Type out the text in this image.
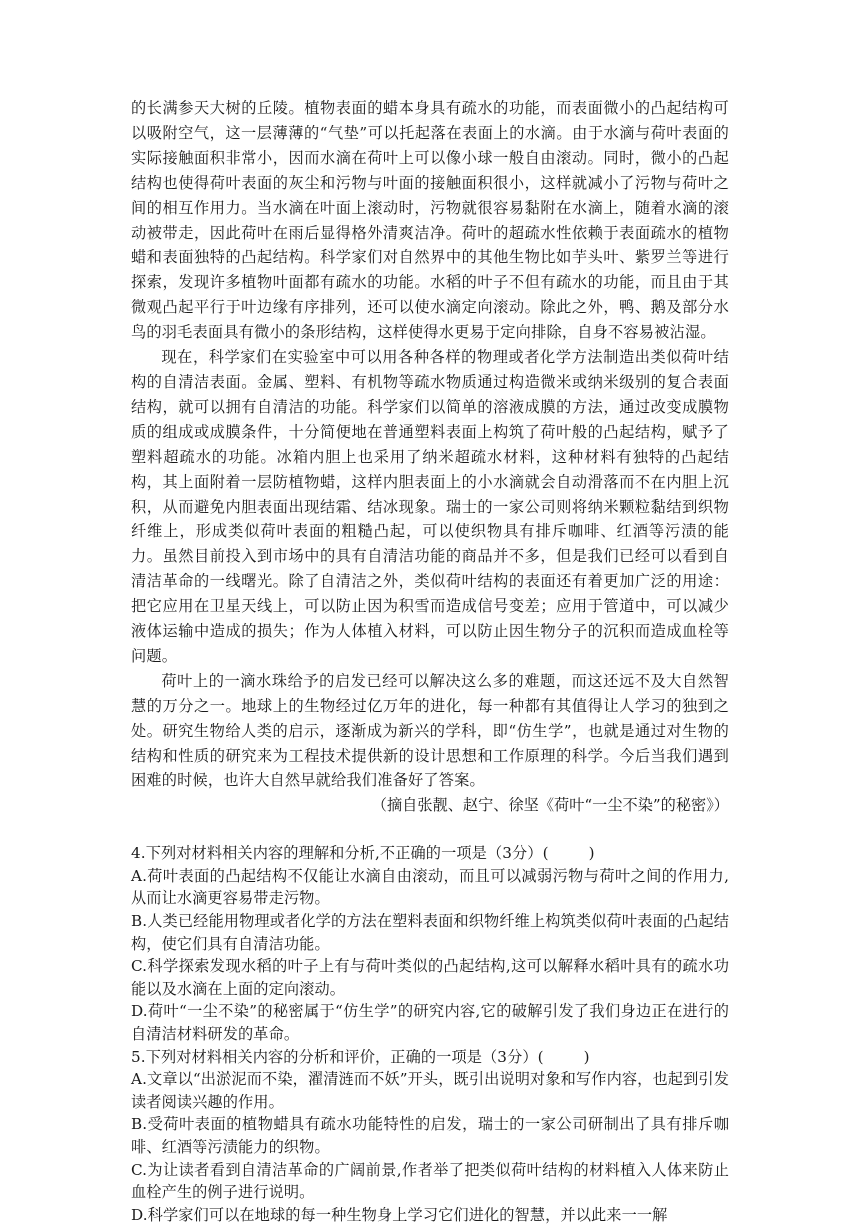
的长满参天大树的丘陵。植物表面的蜡本身具有疏水的功能，而表面微小的凸起结构可以吸附空气，这一层薄薄的“气垫”可以托起落在表面上的水滴。由于水滴与荷叶表面的实际接触面积非常小，因而水滴在荷叶上可以像小球一般自由滚动。同时，微小的凸起结构也使得荷叶表面的灰尘和污物与叶面的接触面积很小，这样就减小了污物与荷叶之间的相互作用力。当水滴在叶面上滚动时，污物就很容易黏附在水滴上，随着水滴的滚动被带走，因此荷叶在雨后显得格外清爽洁净。荷叶的超疏水性依赖于表面疏水的植物蜡和表面独特的凸起结构。科学家们对自然界中的其他生物比如芋头叶、紫罗兰等进行探索，发现许多植物叶面都有疏水的功能。水稻的叶子不但有疏水的功能，而且由于其微观凸起平行于叶边缘有序排列，还可以使水滴定向滚动。除此之外，鸭、鹅及部分水鸟的羽毛表面具有微小的条形结构，这样使得水更易于定向排除，自身不容易被沾湿。

现在，科学家们在实验室中可以用各种各样的物理或者化学方法制造出类似荷叶结构的自清洁表面。金属、塑料、有机物等疏水物质通过构造微米或纳米级别的复合表面结构，就可以拥有自清洁的功能。科学家们以简单的溶液成膜的方法，通过改变成膜物质的组成或成膜条件，十分简便地在普通塑料表面上构筑了荷叶般的凸起结构，赋予了塑料超疏水的功能。冰箱内胆上也采用了纳米超疏水材料，这种材料有独特的凸起结构，其上面附着一层防植物蜡，这样内胆表面上的小水滴就会自动滑落而不在内胆上沉积，从而避免内胆表面出现结霜、结冰现象。瑞士的一家公司则将纳米颗粒黏结到织物纤维上，形成类似荷叶表面的粗糙凸起，可以使织物具有排斥咖啡、红酒等污渍的能力。虽然目前投入到市场中的具有自清洁功能的商品并不多，但是我们已经可以看到自清洁革命的一线曙光。除了自清洁之外，类似荷叶结构的表面还有着更加广泛的用途：把它应用在卫星天线上，可以防止因为积雪而造成信号变差；应用于管道中，可以减少液体运输中造成的损失；作为人体植入材料，可以防止因生物分子的沉积而造成血栓等问题。

荷叶上的一滴水珠给予的启发已经可以解决这么多的难题，而这还远不及大自然智慧的万分之一。地球上的生物经过亿万年的进化，每一种都有其值得让人学习的独到之处。研究生物给人类的启示，逐渐成为新兴的学科，即“仿生学”，也就是通过对生物的结构和性质的研究来为工程技术提供新的设计思想和工作原理的科学。今后当我们遇到困难的时候，也许大自然早就给我们准备好了答案。

（摘自张靓、赵宁、徐坚《荷叶“一尘不染”的秘密》）

4.下列对材料相关内容的理解和分析,不正确的一项是（3分）(	)

A.荷叶表面的凸起结构不仅能让水滴自由滚动，而且可以减弱污物与荷叶之间的作用力,从而让水滴更容易带走污物。

B.人类已经能用物理或者化学的方法在塑料表面和织物纤维上构筑类似荷叶表面的凸起结构，使它们具有自清洁功能。

C.科学探索发现水稻的叶子上有与荷叶类似的凸起结构,这可以解释水稻叶具有的疏水功能以及水滴在上面的定向滚动。

D.荷叶“一尘不染”的秘密属于“仿生学”的研究内容,它的破解引发了我们身边正在进行的自清洁材料研发的革命。

5.下列对材料相关内容的分析和评价，正确的一项是（3分）(	)

A.文章以“出淤泥而不染，濯清涟而不妖”开头，既引出说明对象和写作内容，也起到引发读者阅读兴趣的作用。

B.受荷叶表面的植物蜡具有疏水功能特性的启发，瑞士的一家公司研制出了具有排斥咖啡、红酒等污渍能力的织物。

C.为让读者看到自清洁革命的广阔前景,作者举了把类似荷叶结构的材料植入人体来防止血栓产生的例子进行说明。

D.科学家们可以在地球的每一种生物身上学习它们进化的智慧，并以此来一一解
